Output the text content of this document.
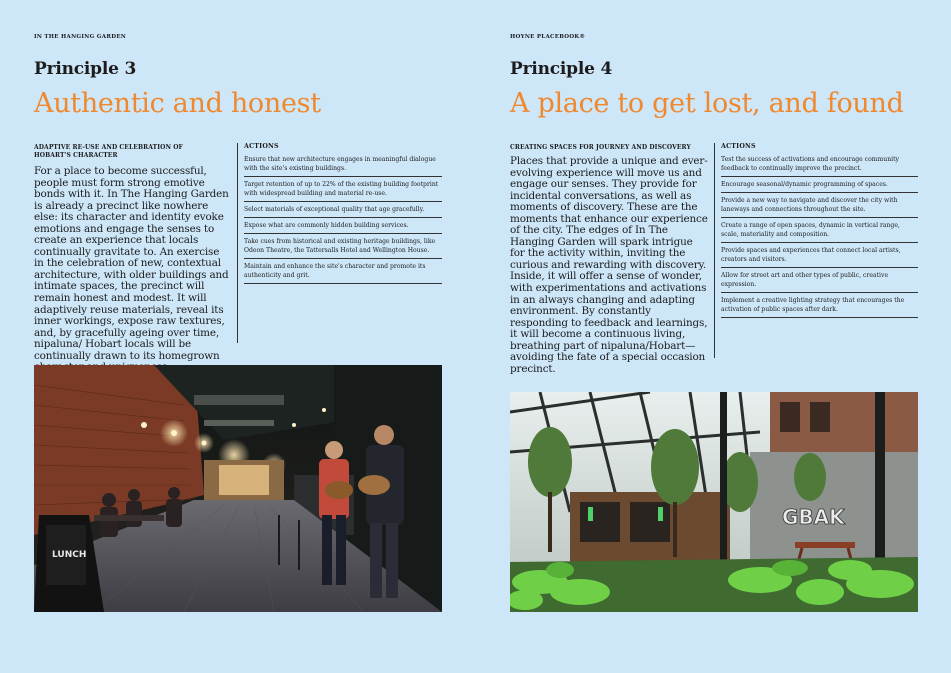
IN THE HANGING GARDEN
Principle 3
Authentic and honest
ADAPTIVE RE-USE AND CELEBRATION OF HOBART'S CHARACTER
For a place to become successful, people must form strong emotive bonds with it. In The Hanging Garden is already a precinct like nowhere else: its character and identity evoke emotions and engage the senses to create an experience that locals continually gravitate to. An exercise in the celebration of new, contextual architecture, with older buildings and intimate spaces, the precinct will remain honest and modest. It will adaptively reuse materials, reveal its inner workings, expose raw textures, and, by gracefully ageing over time, nipaluna/ Hobart locals will be continually drawn to its homegrown
ACTIONS
Ensure that new architecture engages in meaningful dialogue with the site's existing buildings.
Target retention of up to 22% of the existing building footprint with widespread building and material re-use.
Select materials of exceptional quality that age gracefully.
Expose what are commonly hidden building services.
Take cues from historical and existing heritage buildings, like Odeon Theatre, the Tattersalls Hotel and Wellington House.
Maintain and enhance the site's character and promote its authenticity and grit.
LUNCH
HOYNE PLACEBOOK®
Principle 4
A place to get lost, and found
CREATING SPACES FOR JOURNEY AND DISCOVERY
Places that provide a unique and ever-evolving experience will move us and engage our senses. They provide for incidental conversations, as well as moments of discovery. These are the moments that enhance our experience of the city. The edges of In The Hanging Garden will spark intrigue for the activity within, inviting the curious and rewarding with discovery. Inside, it will offer a sense of wonder, with experimentations and activations in an always changing and adapting environment. By constantly responding to feedback and learnings, it will become a continuous living, breathing part of nipaluna/Hobart—avoiding the fate of a special occasion precinct.
ACTIONS
Test the success of activations and encourage community feedback to continually improve the precinct.
Encourage seasonal/dynamic programming of spaces.
Provide a new way to navigate and discover the city with laneways and connections throughout the site.
Create a range of open spaces, dynamic in vertical range, scale, materiality and composition.
Provide spaces and experiences that connect local artists, creators and visitors.
Allow for street art and other types of public, creative expression.
Implement a creative lighting strategy that encourages the activation of public spaces after dark.
GBAK
